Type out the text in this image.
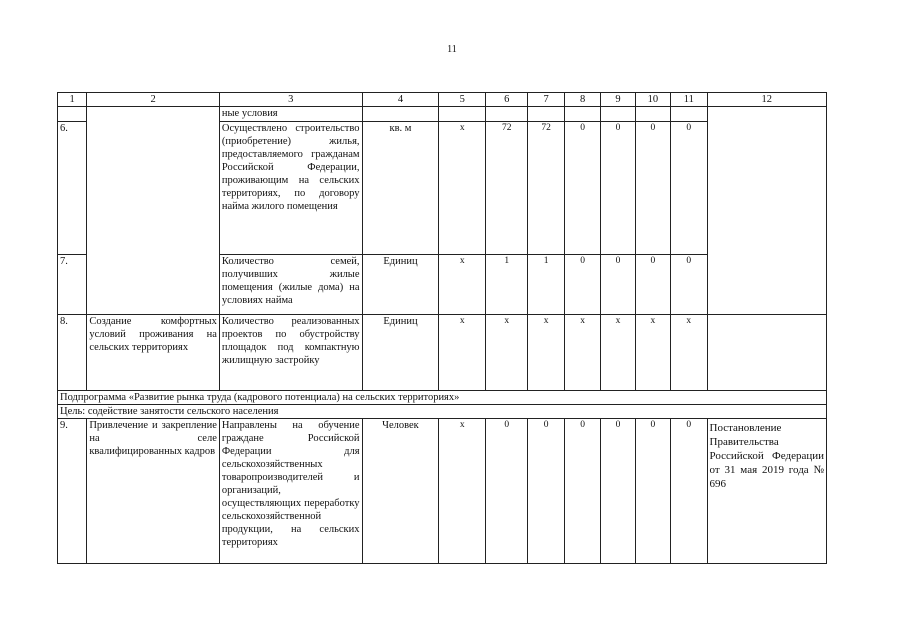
11
1	2	3	4	5	6	7	8	9	10	11	12
		ные условия									
6.		Осуществлено строительство (приобретение) жилья, предоставляемого гражданам Российской Федерации, проживающим на сельских территориях, по договору найма жилого помещения	кв. м	х	72	72	0	0	0	0	
7.		Количество семей, получивших жилые помещения (жилые дома) на условиях найма	Единиц	х	1	1	0	0	0	0	
8.	Создание комфортных условий проживания на сельских территориях	Количество реализованных проектов по обустройству площадок под компактную жилищную застройку	Единиц	х	х	х	х	х	х	х	
Подпрограмма «Развитие рынка труда (кадрового потенциала) на сельских территориях»											
Цель: содействие занятости сельского населения											
9.	Привлечение и закрепление на селе квалифицированных кадров	Направлены на обучение граждане Российской Федерации для сельскохозяйственных товаропроизводителей и организаций, осуществляющих переработку сельскохозяйственной продукции, на сельских территориях	Человек	х	0	0	0	0	0	0	Постановление Правительства Российской Федерации от 31 мая 2019 года № 696
